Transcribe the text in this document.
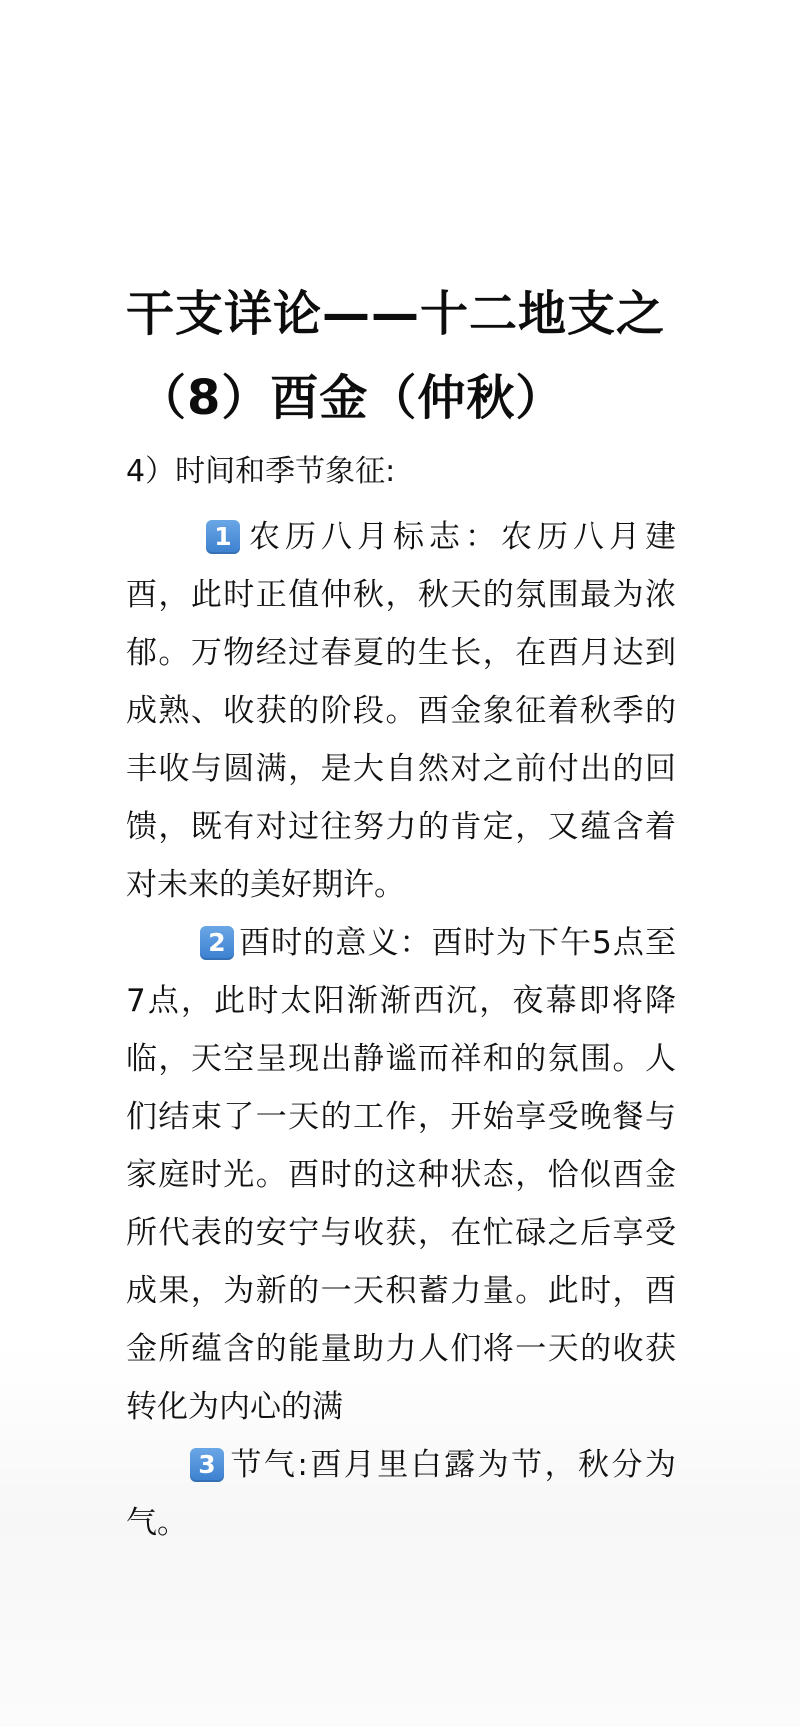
干支详论——十二地支之
（8）酉金（仲秋）
4）时间和季节象征:

1 农历八月标志：农历八月建酉，此时正值仲秋，秋天的氛围最为浓郁。万物经过春夏的生长，在酉月达到成熟、收获的阶段。酉金象征着秋季的丰收与圆满，是大自然对之前付出的回馈，既有对过往努力的肯定，又蕴含着对未来的美好期许。

2 酉时的意义：酉时为下午5点至7点，此时太阳渐渐西沉，夜幕即将降临，天空呈现出静谧而祥和的氛围。人们结束了一天的工作，开始享受晚餐与家庭时光。酉时的这种状态，恰似酉金所代表的安宁与收获，在忙碌之后享受成果，为新的一天积蓄力量。此时，酉金所蕴含的能量助力人们将一天的收获转化为内心的满

3 节气:酉月里白露为节，秋分为气。
